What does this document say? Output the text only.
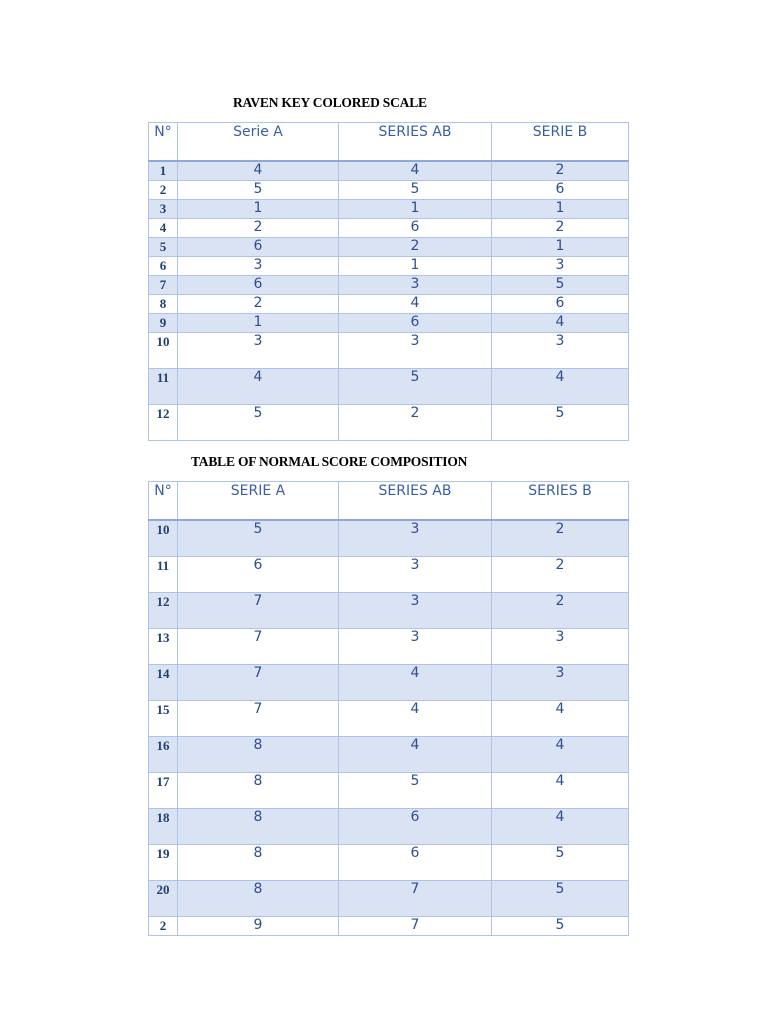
RAVEN KEY COLORED SCALE
N°	Serie A	SERIES AB	SERIE B
1	4	4	2
2	5	5	6
3	1	1	1
4	2	6	2
5	6	2	1
6	3	1	3
7	6	3	5
8	2	4	6
9	1	6	4
10	3	3	3
11	4	5	4
12	5	2	5
TABLE OF NORMAL SCORE COMPOSITION
N°	SERIE A	SERIES AB	SERIES B
10	5	3	2
11	6	3	2
12	7	3	2
13	7	3	3
14	7	4	3
15	7	4	4
16	8	4	4
17	8	5	4
18	8	6	4
19	8	6	5
20	8	7	5
2	9	7	5
